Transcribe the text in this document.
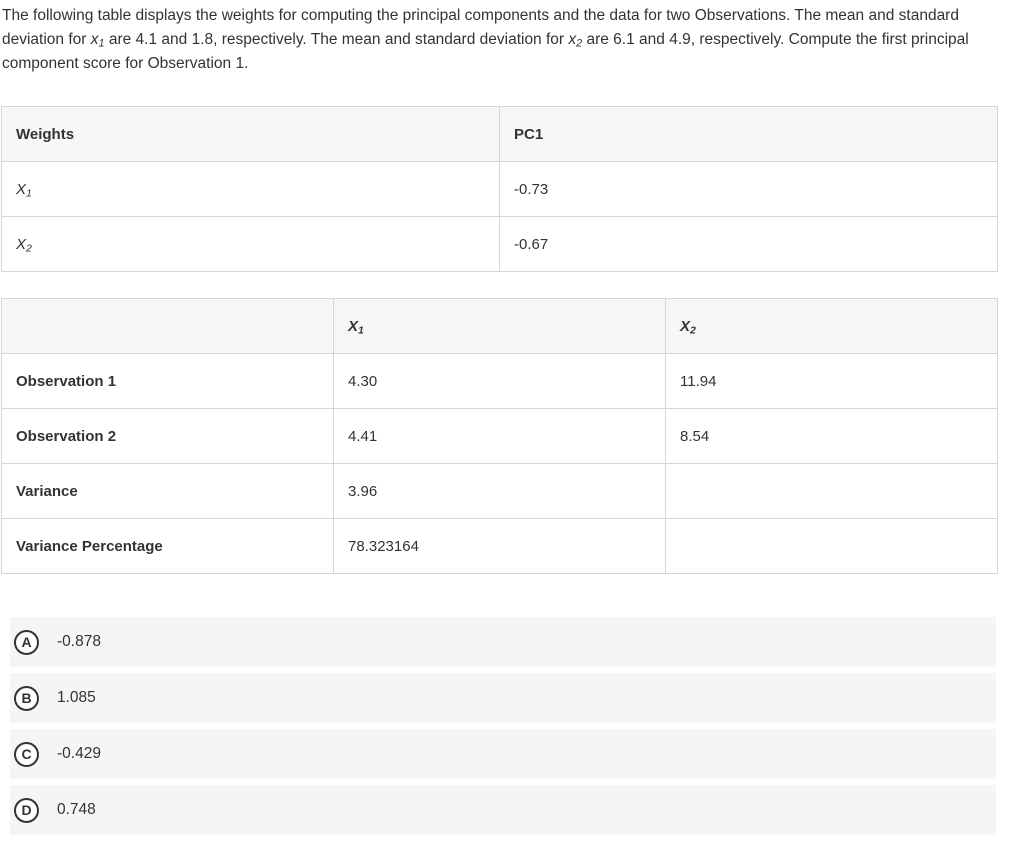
The following table displays the weights for computing the principal components and the data for two Observations. The mean and standard deviation for $x_1$ are 4.1 and 1.8, respectively. The mean and standard deviation for $x_2$ are 6.1 and 4.9, respectively. Compute the first principal component score for Observation 1.
Weights	PC1
$X_1$	-0.73
$X_2$	-0.67
	$X_1$	$X_2$
Observation 1	4.30	11.94
Observation 2	4.41	8.54
Variance	3.96	
Variance Percentage	78.323164	
A	-0.878
B	1.085
C	-0.429
D	0.748
